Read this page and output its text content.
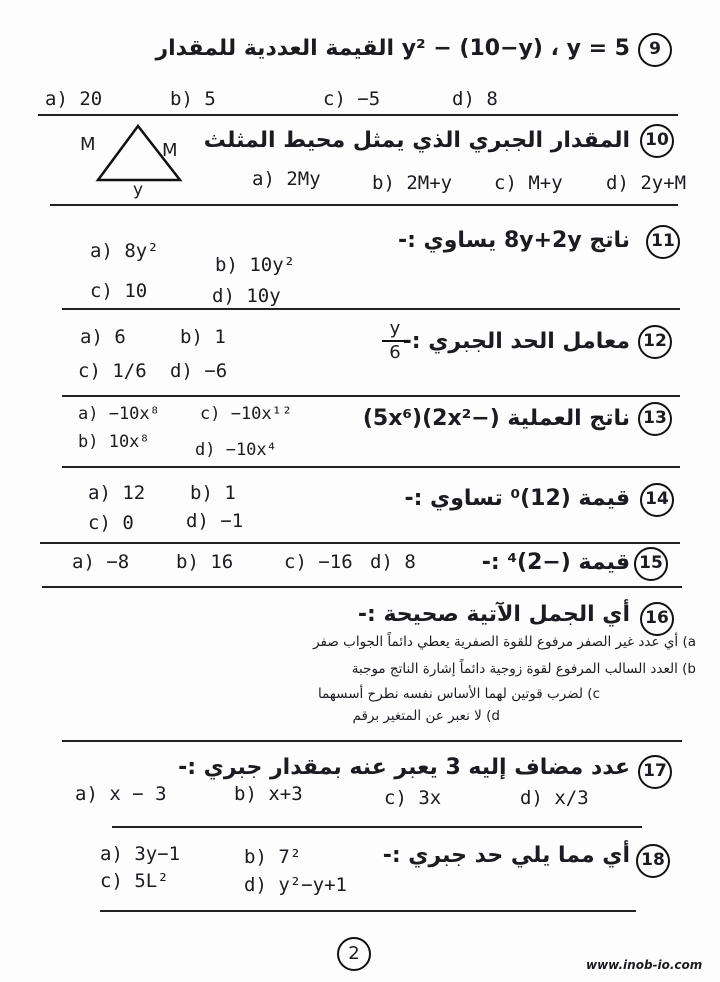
9
y² − (10−y) ، y = 5 القيمة العددية للمقدار
a) 20	b) 5	c) −5	d) 8
10
المقدار الجبري الذي يمثل محيط المثلث
M	M
y	a) 2My	b) 2M+y c) M+y d) 2y+M
11
ناتج 8y+2y يساوي :-
a) 8y²
b) 10y²
c) 10	d) 10y
12
معامل الحد الجبري :-
$\frac{y}{6}$
a) 6	b) 1
c) 1/6 d) −6
13
ناتج العملية (−2x²)(5x⁶)
a) −10x⁸ c) −10x¹²
b) 10x⁸	d) −10x⁴
14
قيمة (12)⁰ تساوي :-
a) 12 b) 1
c) 0	d) −1
15
قيمة (−2)⁴ :-
a) −8 b) 16	c) −16 d) 8
16
أي الجمل الآتية صحيحة :-
a) أي عدد غير الصفر مرفوع للقوة الصفرية يعطي دائماً الجواب صفر
b) العدد السالب المرفوع لقوة زوجية دائماً إشارة الناتج موجبة
c) لضرب قوتين لهما الأساس نفسه نطرح أسسهما
d) لا نعبر عن المتغير برقم
17
عدد مضاف إليه 3 يعبر عنه بمقدار جبري :-
a) x − 3	b) x+3	c) 3x	d) x/3
18
أي مما يلي حد جبري :-
a) 3y−1	b) 7²
c) 5L²	d) y²−y+1
2
www.inob-io.com
